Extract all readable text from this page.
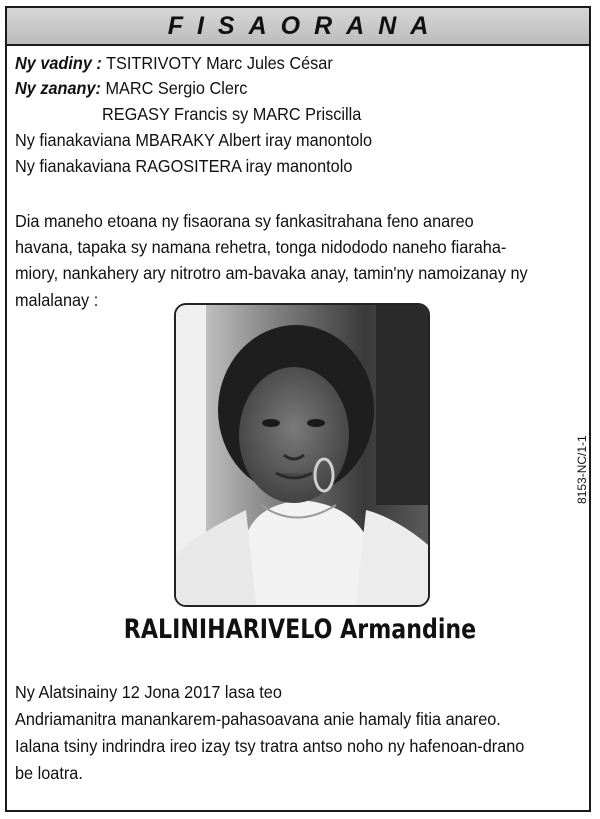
FISAORANA
Ny vadiny : TSITRIVOTY Marc Jules César
Ny zanany: MARC Sergio Clerc
REGASY Francis sy MARC Priscilla
Ny fianakaviana MBARAKY Albert iray manontolo
Ny fianakaviana RAGOSITERA iray manontolo
Dia maneho etoana ny fisaorana sy fankasitrahana feno anareo
havana, tapaka sy namana rehetra, tonga nidododo naneho fiaraha-
miory, nankahery ary nitrotro am-bavaka anay, tamin'ny namoizanay ny
malalanay :
RALINIHARIVELO Armandine
8153-NC/1-1
Ny Alatsinainy 12 Jona 2017 lasa teo
Andriamanitra manankarem-pahasoavana anie hamaly fitia anareo.
Ialana tsiny indrindra ireo izay tsy tratra antso noho ny hafenoan-drano
be loatra.
